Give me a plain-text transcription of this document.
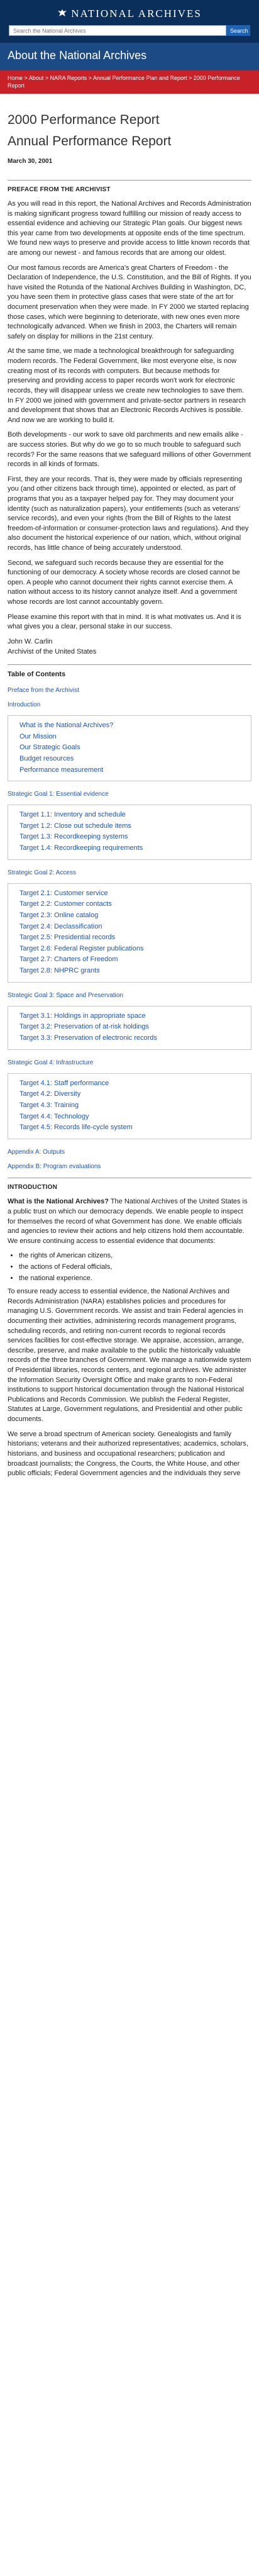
NATIONAL ARCHIVES
Search the National Archives
Search
About the National Archives
Home > About > NARA Reports > Annual Performance Plan and Report > 2000 Performance Report
2000 Performance Report
Annual Performance Report
March 30, 2001
PREFACE FROM THE ARCHIVIST

As you will read in this report, the National Archives and Records Administration is making significant progress toward fulfilling our mission of ready access to essential evidence and achieving our Strategic Plan goals. Our biggest news this year came from two developments at opposite ends of the time spectrum. We found new ways to preserve and provide access to little known records that are among our newest - and famous records that are among our oldest.

Our most famous records are America's great Charters of Freedom - the Declaration of Independence, the U.S. Constitution, and the Bill of Rights. If you have visited the Rotunda of the National Archives Building in Washington, DC, you have seen them in protective glass cases that were state of the art for document preservation when they were made. In FY 2000 we started replacing those cases, which were beginning to deteriorate, with new ones even more technologically advanced. When we finish in 2003, the Charters will remain safely on display for millions in the 21st century.

At the same time, we made a technological breakthrough for safeguarding modern records. The Federal Government, like most everyone else, is now creating most of its records with computers. But because methods for preserving and providing access to paper records won't work for electronic records, they will disappear unless we create new technologies to save them. In FY 2000 we joined with government and private-sector partners in research and development that shows that an Electronic Records Archives is possible. And now we are working to build it.

Both developments - our work to save old parchments and new emails alike - are success stories. But why do we go to so much trouble to safeguard such records? For the same reasons that we safeguard millions of other Government records in all kinds of formats.

First, they are your records. That is, they were made by officials representing you (and other citizens back through time), appointed or elected, as part of programs that you as a taxpayer helped pay for. They may document your identity (such as naturalization papers), your entitlements (such as veterans' service records), and even your rights (from the Bill of Rights to the latest freedom-of-information or consumer-protection laws and regulations). And they also document the historical experience of our nation, which, without original records, has little chance of being accurately understood.

Second, we safeguard such records because they are essential for the functioning of our democracy. A society whose records are closed cannot be open. A people who cannot document their rights cannot exercise them. A nation without access to its history cannot analyze itself. And a government whose records are lost cannot accountably govern.

Please examine this report with that in mind. It is what motivates us. And it is what gives you a clear, personal stake in our success.

John W. Carlin
Archivist of the United States
Table of Contents
Preface from the Archivist
Introduction
What is the National Archives?
Our Mission
Our Strategic Goals
Budget resources
Performance measurement
Strategic Goal 1: Essential evidence
Target 1.1: Inventory and schedule
Target 1.2: Close out schedule items
Target 1.3: Recordkeeping systems
Target 1.4: Recordkeeping requirements
Strategic Goal 2: Access
Target 2.1: Customer service
Target 2.2: Customer contacts
Target 2.3: Online catalog
Target 2.4: Declassification
Target 2.5: Presidential records
Target 2.6: Federal Register publications
Target 2.7: Charters of Freedom
Target 2.8: NHPRC grants
Strategic Goal 3: Space and Preservation
Target 3.1: Holdings in appropriate space
Target 3.2: Preservation of at-risk holdings
Target 3.3: Preservation of electronic records
Strategic Goal 4: Infrastructure
Target 4.1: Staff performance
Target 4.2: Diversity
Target 4.3: Training
Target 4.4: Technology
Target 4.5: Records life-cycle system
Appendix A: Outputs
Appendix B: Program evaluations
INTRODUCTION

What is the National Archives? The National Archives of the United States is a public trust on which our democracy depends. We enable people to inspect for themselves the record of what Government has done. We enable officials and agencies to review their actions and help citizens hold them accountable. We ensure continuing access to essential evidence that documents:

• the rights of American citizens,
• the actions of Federal officials,
• the national experience.

To ensure ready access to essential evidence, the National Archives and Records Administration (NARA) establishes policies and procedures for managing U.S. Government records. We assist and train Federal agencies in documenting their activities, administering records management programs, scheduling records, and retiring non-current records to regional records services facilities for cost-effective storage. We appraise, accession, arrange, describe, preserve, and make available to the public the historically valuable records of the three branches of Government. We manage a nationwide system of Presidential libraries, records centers, and regional archives. We administer the Information Security Oversight Office and make grants to non-Federal institutions to support historical documentation through the National Historical Publications and Records Commission. We publish the Federal Register, Statutes at Large, Government regulations, and Presidential and other public documents.

We serve a broad spectrum of American society. Genealogists and family historians; veterans and their authorized representatives; academics, scholars, historians, and business and occupational researchers; publication and broadcast journalists; the Congress, the Courts, the White House, and other public officials; Federal Government agencies and the individuals they serve
